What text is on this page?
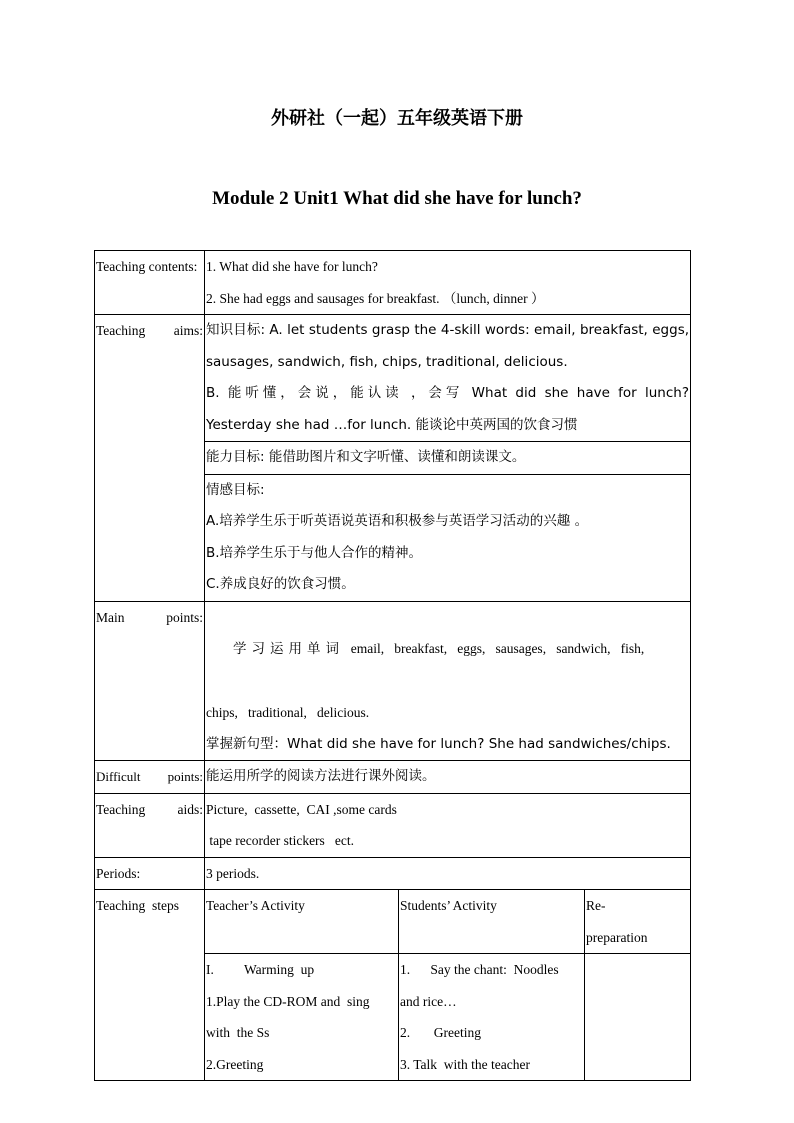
外研社（一起）五年级英语下册
Module 2 Unit1 What did she have for lunch?
Teaching contents:	1. What did she have for lunch?
2. She had eggs and sausages for breakfast. （lunch, dinner ）		

Teaching aims:	知识目标: A. let students grasp the 4-skill words: email, breakfast, eggs,
sausages, sandwich, fish, chips, traditional, delicious.
B. 能听懂，会说，能认读 ，会写 What did she have for lunch?
Yesterday she had …for lunch. 能谈论中英两国的饮食习惯		

	能力目标: 能借助图片和文字听懂、读懂和朗读课文。		

	情感目标:
A.培养学生乐于听英语说英语和积极参与英语学习活动的兴趣 。
B.培养学生乐于与他人合作的精神。
C.养成良好的饮食习惯。		

Main points:	学习运用单词  email,   breakfast,   eggs,   sausages,   sandwich,   fish,

chips,   traditional,   delicious.
掌握新句型：What did she have for lunch? She had sandwiches/chips.		

Difficult points:	能运用所学的阅读方法进行课外阅读。		

Teaching aids:	Picture,  cassette,  CAI ,some cards
tape recorder stickers   ect.		

Periods:	3 periods.		

Teaching  steps	Teacher’s Activity	Students’ Activity	Re-
preparation

	I.         Warming  up
1.Play the CD-ROM and  sing
with  the Ss
2.Greeting	1.      Say the chant:  Noodles
and rice…
2.       Greeting
3. Talk  with the teacher	
